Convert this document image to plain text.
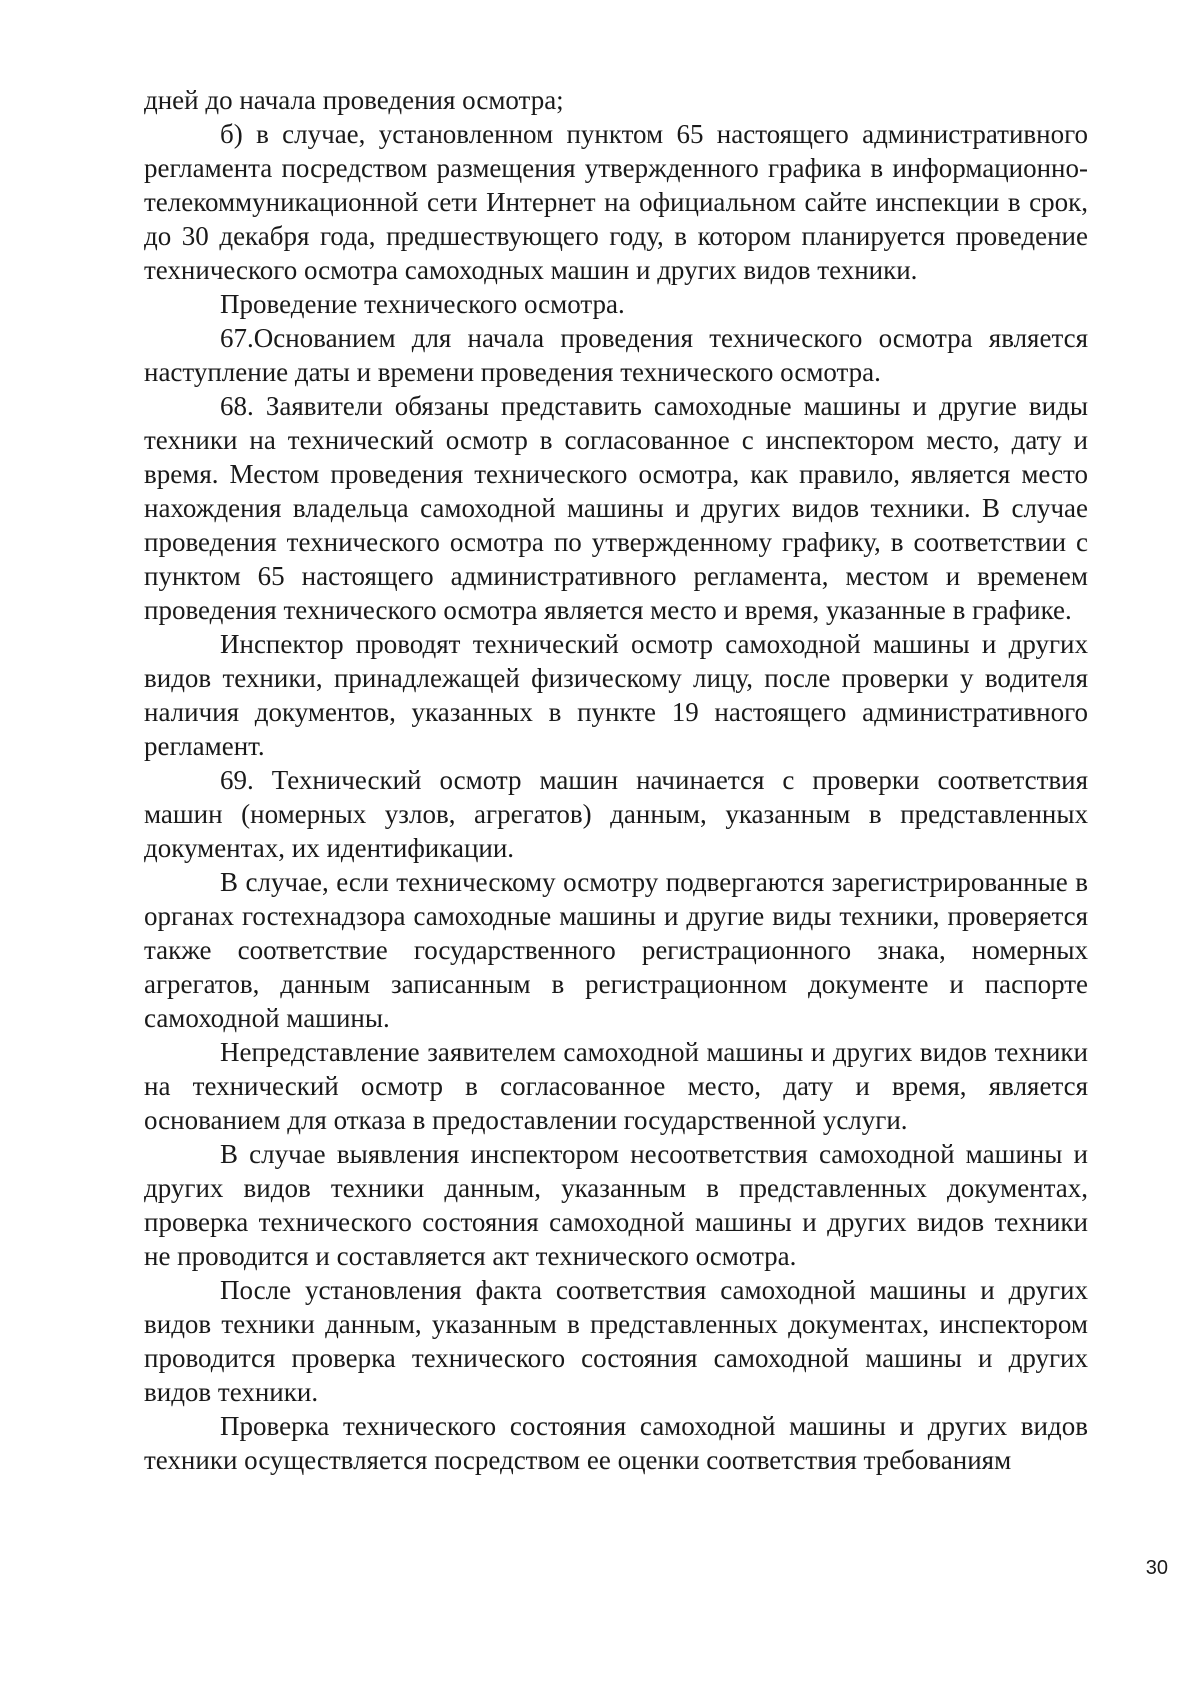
дней до начала проведения осмотра;

б) в случае, установленном пунктом 65 настоящего административного регламента посредством размещения утвержденного графика в информационно-телекоммуникационной сети Интернет на официальном сайте инспекции в срок, до 30 декабря года, предшествующего году, в котором планируется проведение технического осмотра самоходных машин и других видов техники.

Проведение технического осмотра.

67.Основанием для начала проведения технического осмотра является наступление даты и времени проведения технического осмотра.

68. Заявители обязаны представить самоходные машины и другие виды техники на технический осмотр в согласованное с инспектором место, дату и время. Местом проведения технического осмотра, как правило, является место нахождения владельца самоходной машины и других видов техники. В случае проведения технического осмотра по утвержденному графику, в соответствии с пунктом 65 настоящего административного регламента, местом и временем проведения технического осмотра является место и время, указанные в графике.

Инспектор проводят технический осмотр самоходной машины и других видов техники, принадлежащей физическому лицу, после проверки у водителя наличия документов, указанных в пункте 19 настоящего административного регламент.

69. Технический осмотр машин начинается с проверки соответствия машин (номерных узлов, агрегатов) данным, указанным в представленных документах, их идентификации.

В случае, если техническому осмотру подвергаются зарегистрированные в органах гостехнадзора самоходные машины и другие виды техники, проверяется также соответствие государственного регистрационного знака, номерных агрегатов, данным записанным в регистрационном документе и паспорте самоходной машины.

Непредставление заявителем самоходной машины и других видов техники на технический осмотр в согласованное место, дату и время, является основанием для отказа в предоставлении государственной услуги.

В случае выявления инспектором несоответствия самоходной машины и других видов техники данным, указанным в представленных документах, проверка технического состояния самоходной машины и других видов техники не проводится и составляется акт технического осмотра.

После установления факта соответствия самоходной машины и других видов техники данным, указанным в представленных документах, инспектором проводится проверка технического состояния самоходной машины и других видов техники.

Проверка технического состояния самоходной машины и других видов техники осуществляется посредством ее оценки соответствия требованиям

30
